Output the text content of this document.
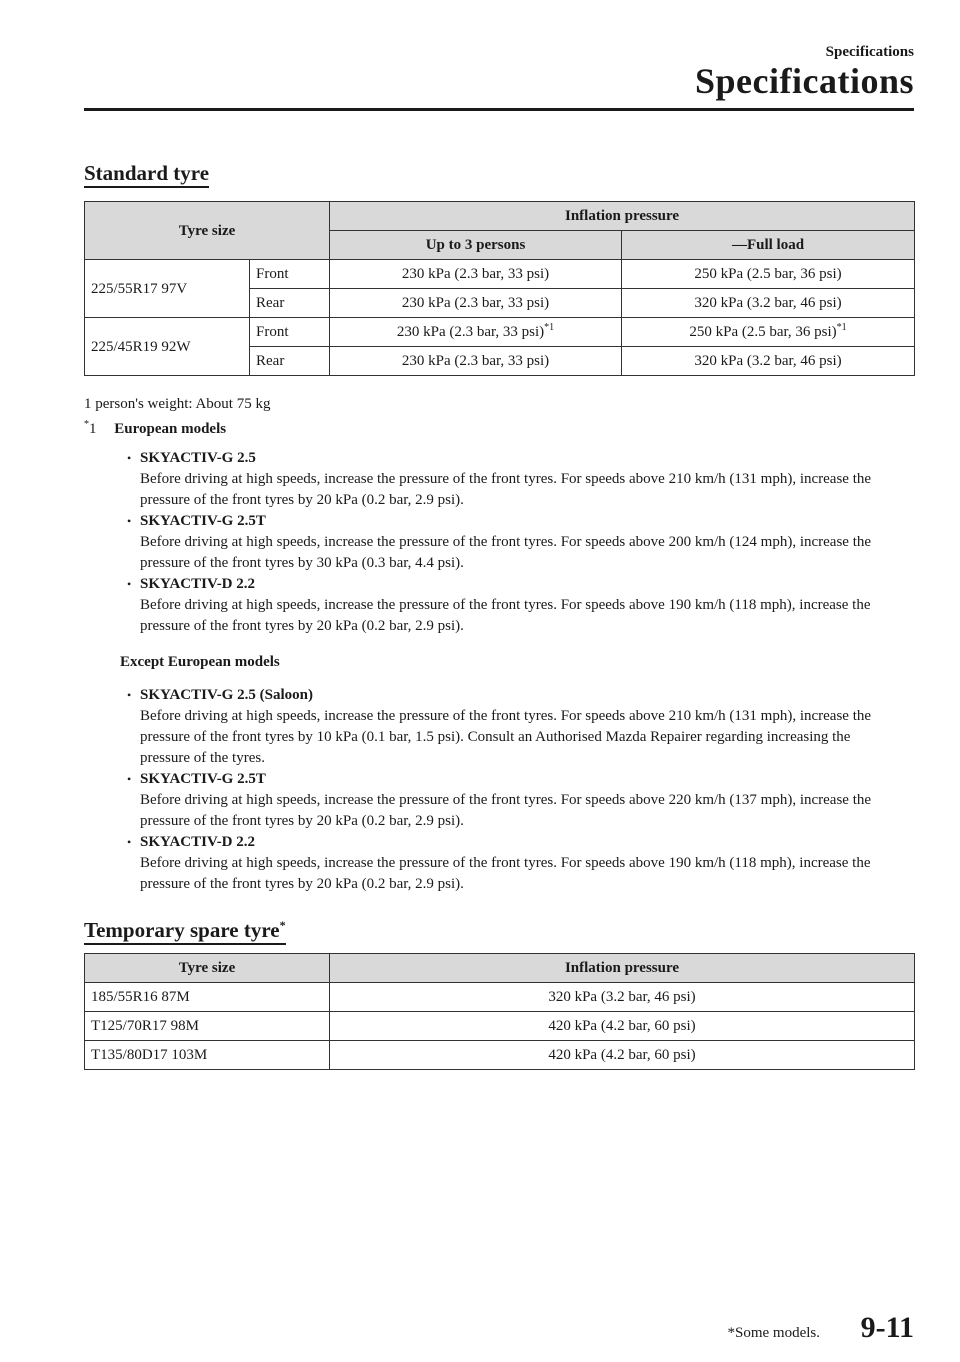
Specifications
Specifications
Standard tyre
Tyre size		Inflation pressure	
		Up to 3 persons	―Full load
225/55R17 97V	Front	230 kPa (2.3 bar, 33 psi)	250 kPa (2.5 bar, 36 psi)
	Rear	230 kPa (2.3 bar, 33 psi)	320 kPa (3.2 bar, 46 psi)
225/45R19 92W	Front	230 kPa (2.3 bar, 33 psi)$^{*1}$	250 kPa (2.5 bar, 36 psi)$^{*1}$
	Rear	230 kPa (2.3 bar, 33 psi)	320 kPa (3.2 bar, 46 psi)
1 person's weight: About 75 kg
*1 European models
• SKYACTIV-G 2.5
Before driving at high speeds, increase the pressure of the front tyres. For speeds above 210 km/h (131 mph), increase the pressure of the front tyres by 20 kPa (0.2 bar, 2.9 psi).
• SKYACTIV-G 2.5T
Before driving at high speeds, increase the pressure of the front tyres. For speeds above 200 km/h (124 mph), increase the pressure of the front tyres by 30 kPa (0.3 bar, 4.4 psi).
• SKYACTIV-D 2.2
Before driving at high speeds, increase the pressure of the front tyres. For speeds above 190 km/h (118 mph), increase the pressure of the front tyres by 20 kPa (0.2 bar, 2.9 psi).
Except European models
• SKYACTIV-G 2.5 (Saloon)
Before driving at high speeds, increase the pressure of the front tyres. For speeds above 210 km/h (131 mph), increase the pressure of the front tyres by 10 kPa (0.1 bar, 1.5 psi). Consult an Authorised Mazda Repairer regarding increasing the pressure of the tyres.
• SKYACTIV-G 2.5T
Before driving at high speeds, increase the pressure of the front tyres. For speeds above 220 km/h (137 mph), increase the pressure of the front tyres by 20 kPa (0.2 bar, 2.9 psi).
• SKYACTIV-D 2.2
Before driving at high speeds, increase the pressure of the front tyres. For speeds above 190 km/h (118 mph), increase the pressure of the front tyres by 20 kPa (0.2 bar, 2.9 psi).
Temporary spare tyre*
Tyre size	Inflation pressure
185/55R16 87M	320 kPa (3.2 bar, 46 psi)
T125/70R17 98M	420 kPa (4.2 bar, 60 psi)
T135/80D17 103M	420 kPa (4.2 bar, 60 psi)
*Some models. 9-11
